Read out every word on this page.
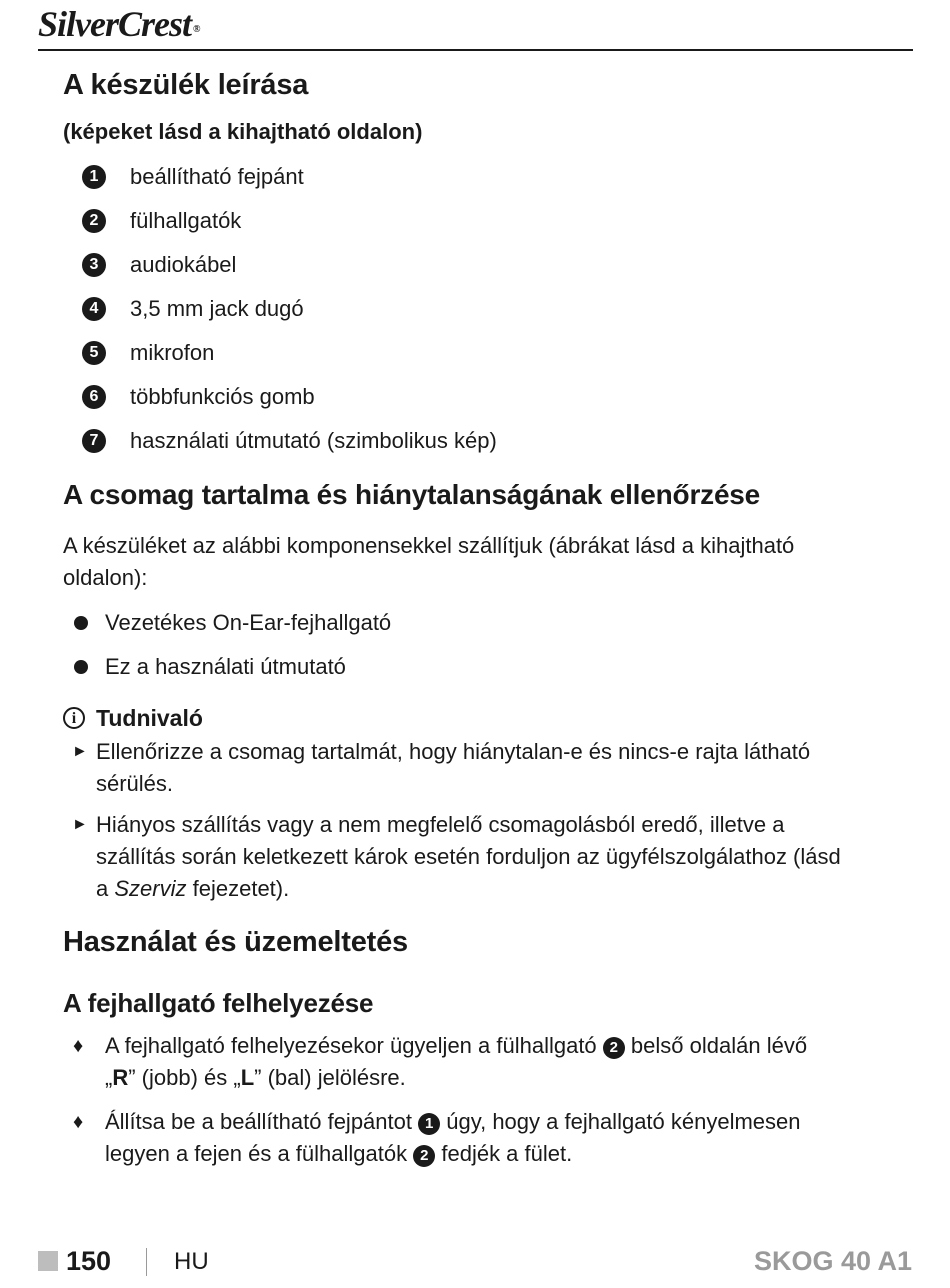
SilverCrest ®
A készülék leírása
(képeket lásd a kihajtható oldalon)
1	beállítható fejpánt
2	fülhallgatók
3	audiokábel
4	3,5 mm jack dugó
5	mikrofon
6	többfunkciós gomb
7	használati útmutató (szimbolikus kép)
A csomag tartalma és hiánytalanságának ellenőrzése
A készüléket az alábbi komponensekkel szállítjuk (ábrákat lásd a kihajtható
oldalon):
Vezetékes On-Ear-fejhallgató
Ez a használati útmutató
i Tudnivaló
► Ellenőrizze a csomag tartalmát, hogy hiánytalan-e és nincs-e rajta látható
sérülés.
► Hiányos szállítás vagy a nem megfelelő csomagolásból eredő, illetve a
szállítás során keletkezett károk esetén forduljon az ügyfélszolgálathoz (lásd
a Szerviz fejezetet).
Használat és üzemeltetés
A fejhallgató felhelyezése
♦ A fejhallgató felhelyezésekor ügyeljen a fülhallgató 2 belső oldalán lévő
„R” (jobb) és „L” (bal) jelölésre.
♦ Állítsa be a beállítható fejpántot 1 úgy, hogy a fejhallgató kényelmesen
legyen a fejen és a fülhallgatók 2 fedjék a fület.
150	HU	SKOG 40 A1
